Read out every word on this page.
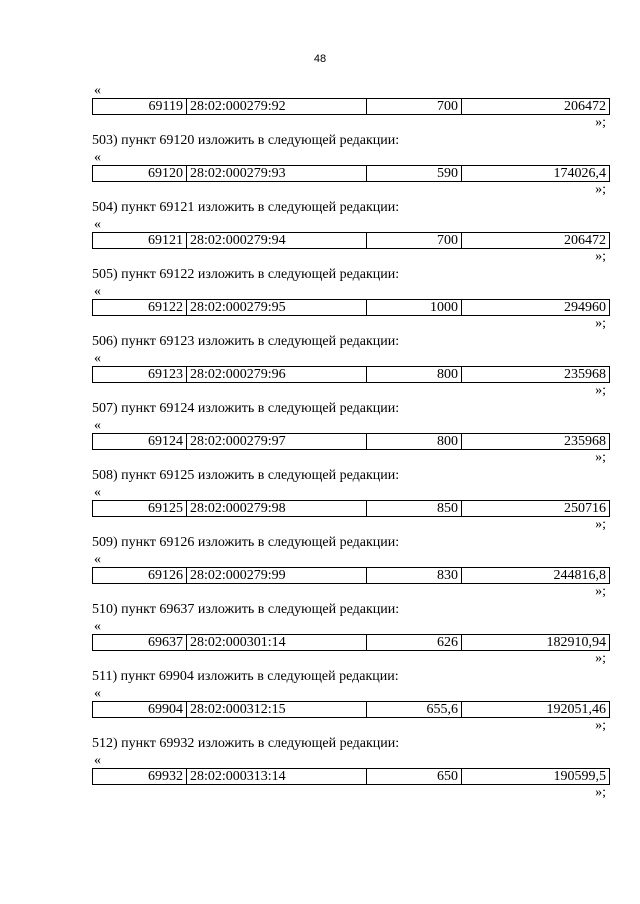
48
«
69119	28:02:000279:92	700	206472
»;
503) пункт 69120 изложить в следующей редакции:
«
69120	28:02:000279:93	590	174026,4
»;
504) пункт 69121 изложить в следующей редакции:
«
69121	28:02:000279:94	700	206472
»;
505) пункт 69122 изложить в следующей редакции:
«
69122	28:02:000279:95	1000	294960
»;
506) пункт 69123 изложить в следующей редакции:
«
69123	28:02:000279:96	800	235968
»;
507) пункт 69124 изложить в следующей редакции:
«
69124	28:02:000279:97	800	235968
»;
508) пункт 69125 изложить в следующей редакции:
«
69125	28:02:000279:98	850	250716
»;
509) пункт 69126 изложить в следующей редакции:
«
69126	28:02:000279:99	830	244816,8
»;
510) пункт 69637 изложить в следующей редакции:
«
69637	28:02:000301:14	626	182910,94
»;
511) пункт 69904 изложить в следующей редакции:
«
69904	28:02:000312:15	655,6	192051,46
»;
512) пункт 69932 изложить в следующей редакции:
«
69932	28:02:000313:14	650	190599,5
»;
